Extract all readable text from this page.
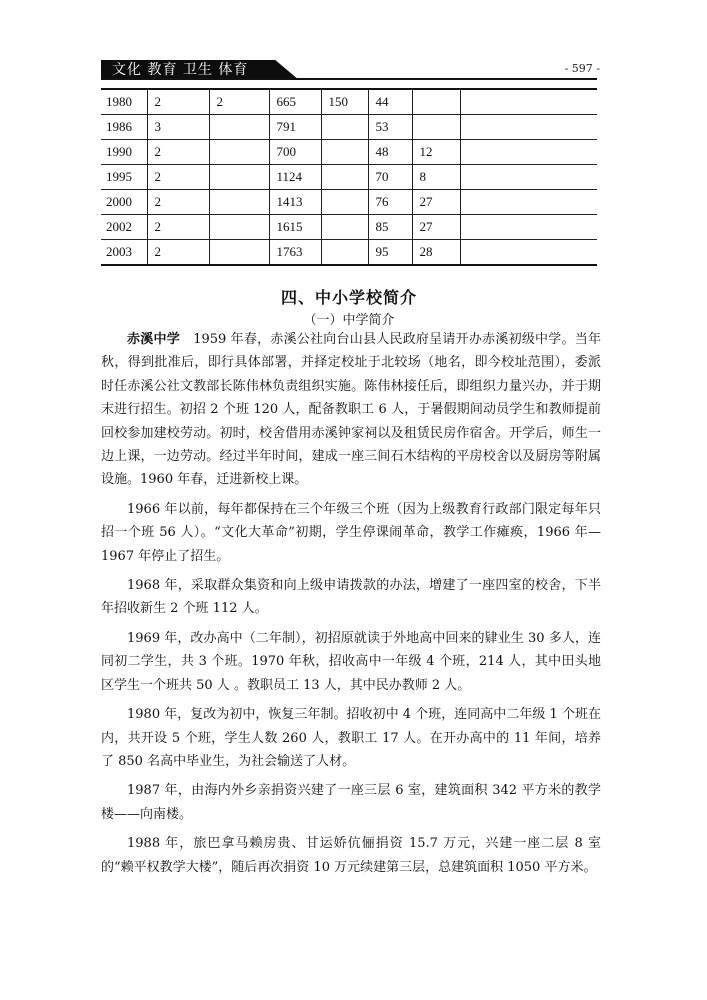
文化 教育 卫生 体育	- 597 -
1980	2	2	665	150	44		
1986	3		791		53		
1990	2		700		48	12	
1995	2		1124		70	8	
2000	2		1413		76	27	
2002	2		1615		85	27	
2003	2		1763		95	28	
四、中小学校简介
（一）中学简介

赤溪中学　1959 年春，赤溪公社向台山县人民政府呈请开办赤溪初级中学。当年秋，得到批准后，即行具体部署，并择定校址于北较场（地名，即今校址范围），委派时任赤溪公社文教部长陈伟林负责组织实施。陈伟林接任后，即组织力量兴办，并于期末进行招生。初招 2 个班 120 人，配备教职工 6 人，于暑假期间动员学生和教师提前回校参加建校劳动。初时，校舍借用赤溪钟家祠以及租赁民房作宿舍。开学后，师生一边上课，一边劳动。经过半年时间，建成一座三间石木结构的平房校舍以及厨房等附属设施。1960 年春，迁进新校上课。

1966 年以前，每年都保持在三个年级三个班（因为上级教育行政部门限定每年只招一个班 56 人）。“文化大革命”初期，学生停课闹革命，教学工作瘫痪，1966 年—1967 年停止了招生。

1968 年，采取群众集资和向上级申请拨款的办法，增建了一座四室的校舍，下半年招收新生 2 个班 112 人。

1969 年，改办高中（二年制），初招原就读于外地高中回来的肄业生 30 多人，连同初二学生，共 3 个班。1970 年秋，招收高中一年级 4 个班，214 人，其中田头地区学生一个班共 50 人 。教职员工 13 人，其中民办教师 2 人。

1980 年，复改为初中，恢复三年制。招收初中 4 个班，连同高中二年级 1 个班在内，共开设 5 个班，学生人数 260 人，教职工 17 人。在开办高中的 11 年间，培养了 850 名高中毕业生，为社会输送了人材。

1987 年，由海内外乡亲捐资兴建了一座三层 6 室，建筑面积 342 平方米的教学楼——向南楼。

1988 年，旅巴拿马赖房贵、甘运娇伉俪捐资 15.7 万元，兴建一座二层 8 室的“赖平权教学大楼”，随后再次捐资 10 万元续建第三层，总建筑面积 1050 平方米。
